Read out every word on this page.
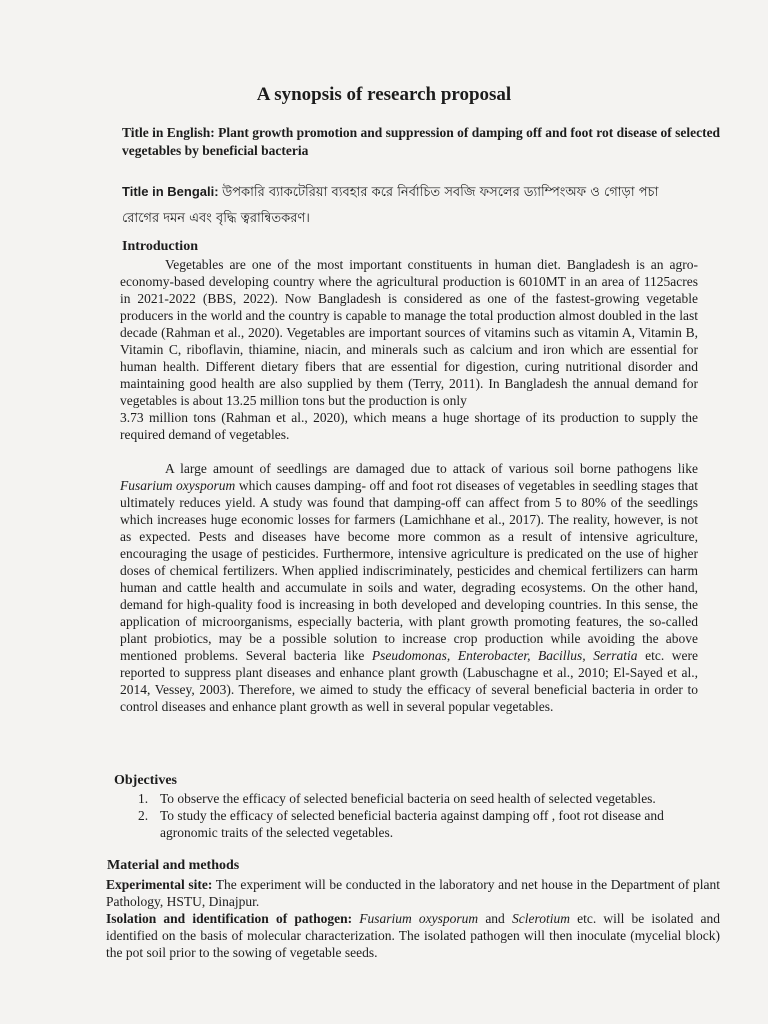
A synopsis of research proposal
Title in English: Plant growth promotion and suppression of damping off and foot rot disease of selected vegetables by beneficial bacteria
Title in Bengali: উপকারি ব্যাকটেরিয়া ব্যবহার করে নির্বাচিত সবজি ফসলের ড্যাম্পিংঅফ ও গোড়া পচা রোগের দমন এবং বৃদ্ধি ত্বরান্বিতকরণ।
Introduction
Vegetables are one of the most important constituents in human diet. Bangladesh is an agro- economy-based developing country where the agricultural production is 6010MT in an area of 1125acres in 2021-2022 (BBS, 2022). Now Bangladesh is considered as one of the fastest-growing vegetable producers in the world and the country is capable to manage the total production almost doubled in the last decade (Rahman et al., 2020). Vegetables are important sources of vitamins such as vitamin A, Vitamin B, Vitamin C, riboflavin, thiamine, niacin, and minerals such as calcium and iron which are essential for human health. Different dietary fibers that are essential for digestion, curing nutritional disorder and maintaining good health are also supplied by them (Terry, 2011). In Bangladesh the annual demand for vegetables is about 13.25 million tons but the production is only
3.73 million tons (Rahman et al., 2020), which means a huge shortage of its production to supply the required demand of vegetables.
A large amount of seedlings are damaged due to attack of various soil borne pathogens like Fusarium oxysporum which causes damping- off and foot rot diseases of vegetables in seedling stages that ultimately reduces yield. A study was found that damping-off can affect from 5 to 80% of the seedlings which increases huge economic losses for farmers (Lamichhane et al., 2017). The reality, however, is not as expected. Pests and diseases have become more common as a result of intensive agriculture, encouraging the usage of pesticides. Furthermore, intensive agriculture is predicated on the use of higher doses of chemical fertilizers. When applied indiscriminately, pesticides and chemical fertilizers can harm human and cattle health and accumulate in soils and water, degrading ecosystems. On the other hand, demand for high-quality food is increasing in both developed and developing countries. In this sense, the application of microorganisms, especially bacteria, with plant growth promoting features, the so-called plant probiotics, may be a possible solution to increase crop production while avoiding the above mentioned problems. Several bacteria like Pseudomonas, Enterobacter, Bacillus, Serratia etc. were reported to suppress plant diseases and enhance plant growth (Labuschagne et al., 2010; El-Sayed et al., 2014, Vessey, 2003). Therefore, we aimed to study the efficacy of several beneficial bacteria in order to control diseases and enhance plant growth as well in several popular vegetables.
Objectives
1. To observe the efficacy of selected beneficial bacteria on seed health of selected vegetables.
2. To study the efficacy of selected beneficial bacteria against damping off , foot rot disease and agronomic traits of the selected vegetables.
Material and methods
Experimental site: The experiment will be conducted in the laboratory and net house in the Department of plant Pathology, HSTU, Dinajpur.
Isolation and identification of pathogen: Fusarium oxysporum and Sclerotium etc. will be isolated and identified on the basis of molecular characterization. The isolated pathogen will then inoculate (mycelial block) the pot soil prior to the sowing of vegetable seeds.
